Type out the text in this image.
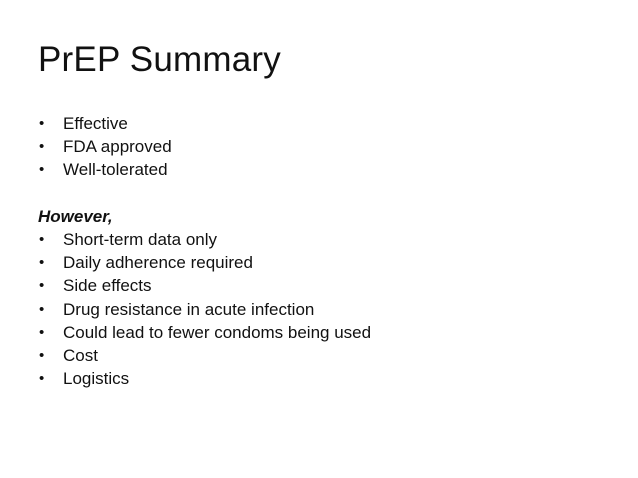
PrEP Summary
• Effective
• FDA approved
• Well-tolerated
However,
• Short-term data only
• Daily adherence required
• Side effects
• Drug resistance in acute infection
• Could lead to fewer condoms being used
• Cost
• Logistics
